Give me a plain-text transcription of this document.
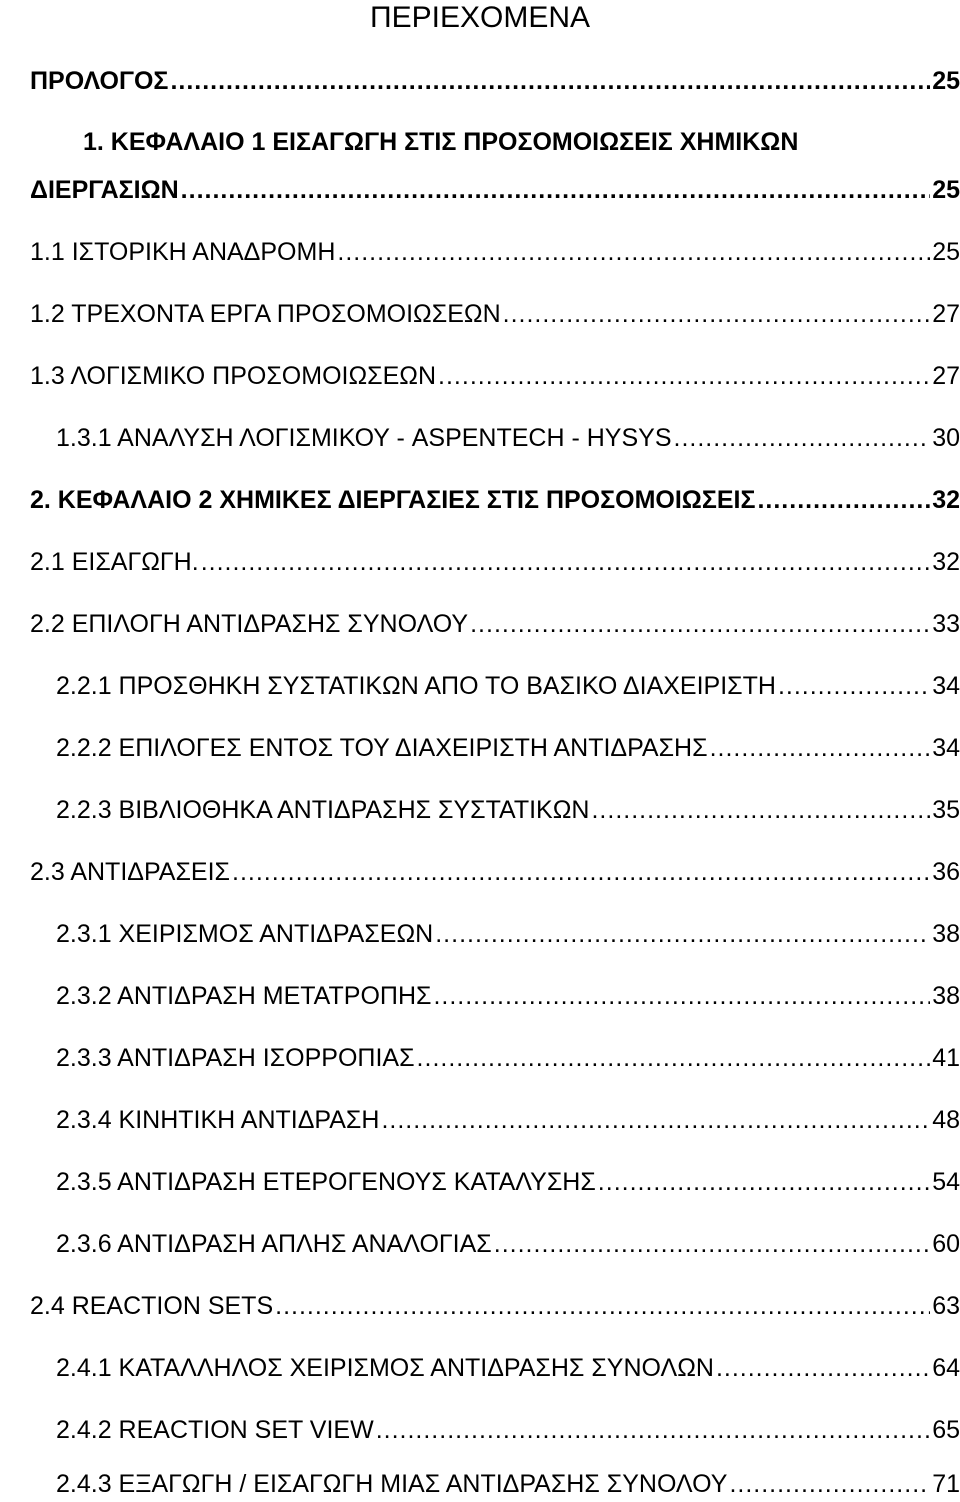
ΠΕΡΙΕΧΟΜΕΝΑ
ΠΡΟΛΟΓΟΣ .....	25
1. ΚΕΦΑΛΑΙΟ 1 ΕΙΣΑΓΩΓΗ ΣΤΙΣ ΠΡΟΣΟΜΟΙΩΣΕΙΣ ΧΗΜΙΚΩΝ
ΔΙΕΡΓΑΣΙΩΝ .....	25
1.1 ΙΣΤΟΡΙΚΗ ΑΝΑΔΡΟΜΗ .....	25
1.2 ΤΡΕΧΟΝΤΑ ΕΡΓΑ ΠΡΟΣΟΜΟΙΩΣΕΩΝ .....	27
1.3 ΛΟΓΙΣΜΙΚΟ ΠΡΟΣΟΜΟΙΩΣΕΩΝ .....	27
1.3.1 ΑΝΑΛΥΣΗ ΛΟΓΙΣΜΙΚΟΥ - ASPENTECH - HYSYS .....	30
2. ΚΕΦΑΛΑΙΟ 2 ΧΗΜΙΚΕΣ ΔΙΕΡΓΑΣΙΕΣ ΣΤΙΣ ΠΡΟΣΟΜΟΙΩΣΕΙΣ .....	32
2.1 ΕΙΣΑΓΩΓΗ. .....	32
2.2 ΕΠΙΛΟΓΗ ΑΝΤΙΔΡΑΣΗΣ ΣΥΝΟΛΟΥ .....	33
2.2.1 ΠΡΟΣΘΗΚΗ ΣΥΣΤΑΤΙΚΩΝ ΑΠΟ ΤΟ ΒΑΣΙΚΟ ΔΙΑΧΕΙΡΙΣΤΗ .....	34
2.2.2 ΕΠΙΛΟΓΕΣ ΕΝΤΟΣ ΤΟΥ ΔΙΑΧΕΙΡΙΣΤΗ ΑΝΤΙΔΡΑΣΗΣ .....	34
2.2.3 ΒΙΒΛΙΟΘΗΚΑ ΑΝΤΙΔΡΑΣΗΣ ΣΥΣΤΑΤΙΚΩΝ .....	35
2.3 ΑΝΤΙΔΡΑΣΕΙΣ .....	36
2.3.1 ΧΕΙΡΙΣΜΟΣ ΑΝΤΙΔΡΑΣΕΩΝ .....	38
2.3.2 ΑΝΤΙΔΡΑΣΗ ΜΕΤΑΤΡΟΠΗΣ .....	38
2.3.3 ΑΝΤΙΔΡΑΣΗ ΙΣΟΡΡΟΠΙΑΣ .....	41
2.3.4 ΚΙΝΗΤΙΚΗ ΑΝΤΙΔΡΑΣΗ .....	48
2.3.5 ΑΝΤΙΔΡΑΣΗ ΕΤΕΡΟΓΕΝΟΥΣ ΚΑΤΑΛΥΣΗΣ .....	54
2.3.6 ΑΝΤΙΔΡΑΣΗ ΑΠΛΗΣ ΑΝΑΛΟΓΙΑΣ .....	60
2.4 REACTION SETS .....	63
2.4.1 ΚΑΤΑΛΛΗΛΟΣ ΧΕΙΡΙΣΜΟΣ ΑΝΤΙΔΡΑΣΗΣ ΣΥΝΟΛΩΝ .....	64
2.4.2 REACTION SET VIEW .....	65
2.4.3 ΕΞΑΓΩΓΗ / ΕΙΣΑΓΩΓΗ ΜΙΑΣ ΑΝΤΙΔΡΑΣΗΣ ΣΥΝΟΛΟΥ .....	71
